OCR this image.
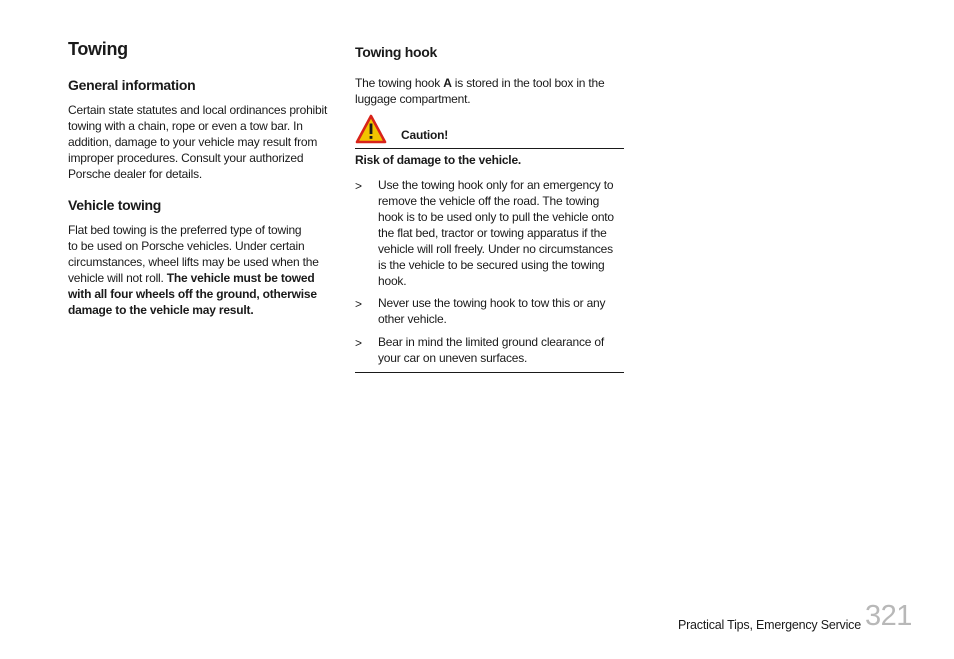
Towing
General information
Certain state statutes and local ordinances prohibit
towing with a chain, rope or even a tow bar. In
addition, damage to your vehicle may result from
improper procedures. Consult your authorized
Porsche dealer for details.
Vehicle towing
Flat bed towing is the preferred type of towing
to be used on Porsche vehicles. Under certain
circumstances, wheel lifts may be used when the
vehicle will not roll. The vehicle must be towed
with all four wheels off the ground, otherwise
damage to the vehicle may result.
Towing hook
The towing hook A is stored in the tool box in the
luggage compartment.
Caution!
Risk of damage to the vehicle.
> Use the towing hook only for an emergency to
remove the vehicle off the road. The towing
hook is to be used only to pull the vehicle onto
the flat bed, tractor or towing apparatus if the
vehicle will roll freely. Under no circumstances
is the vehicle to be secured using the towing
hook.
> Never use the towing hook to tow this or any
other vehicle.
> Bear in mind the limited ground clearance of
your car on uneven surfaces.
Practical Tips, Emergency Service 321
